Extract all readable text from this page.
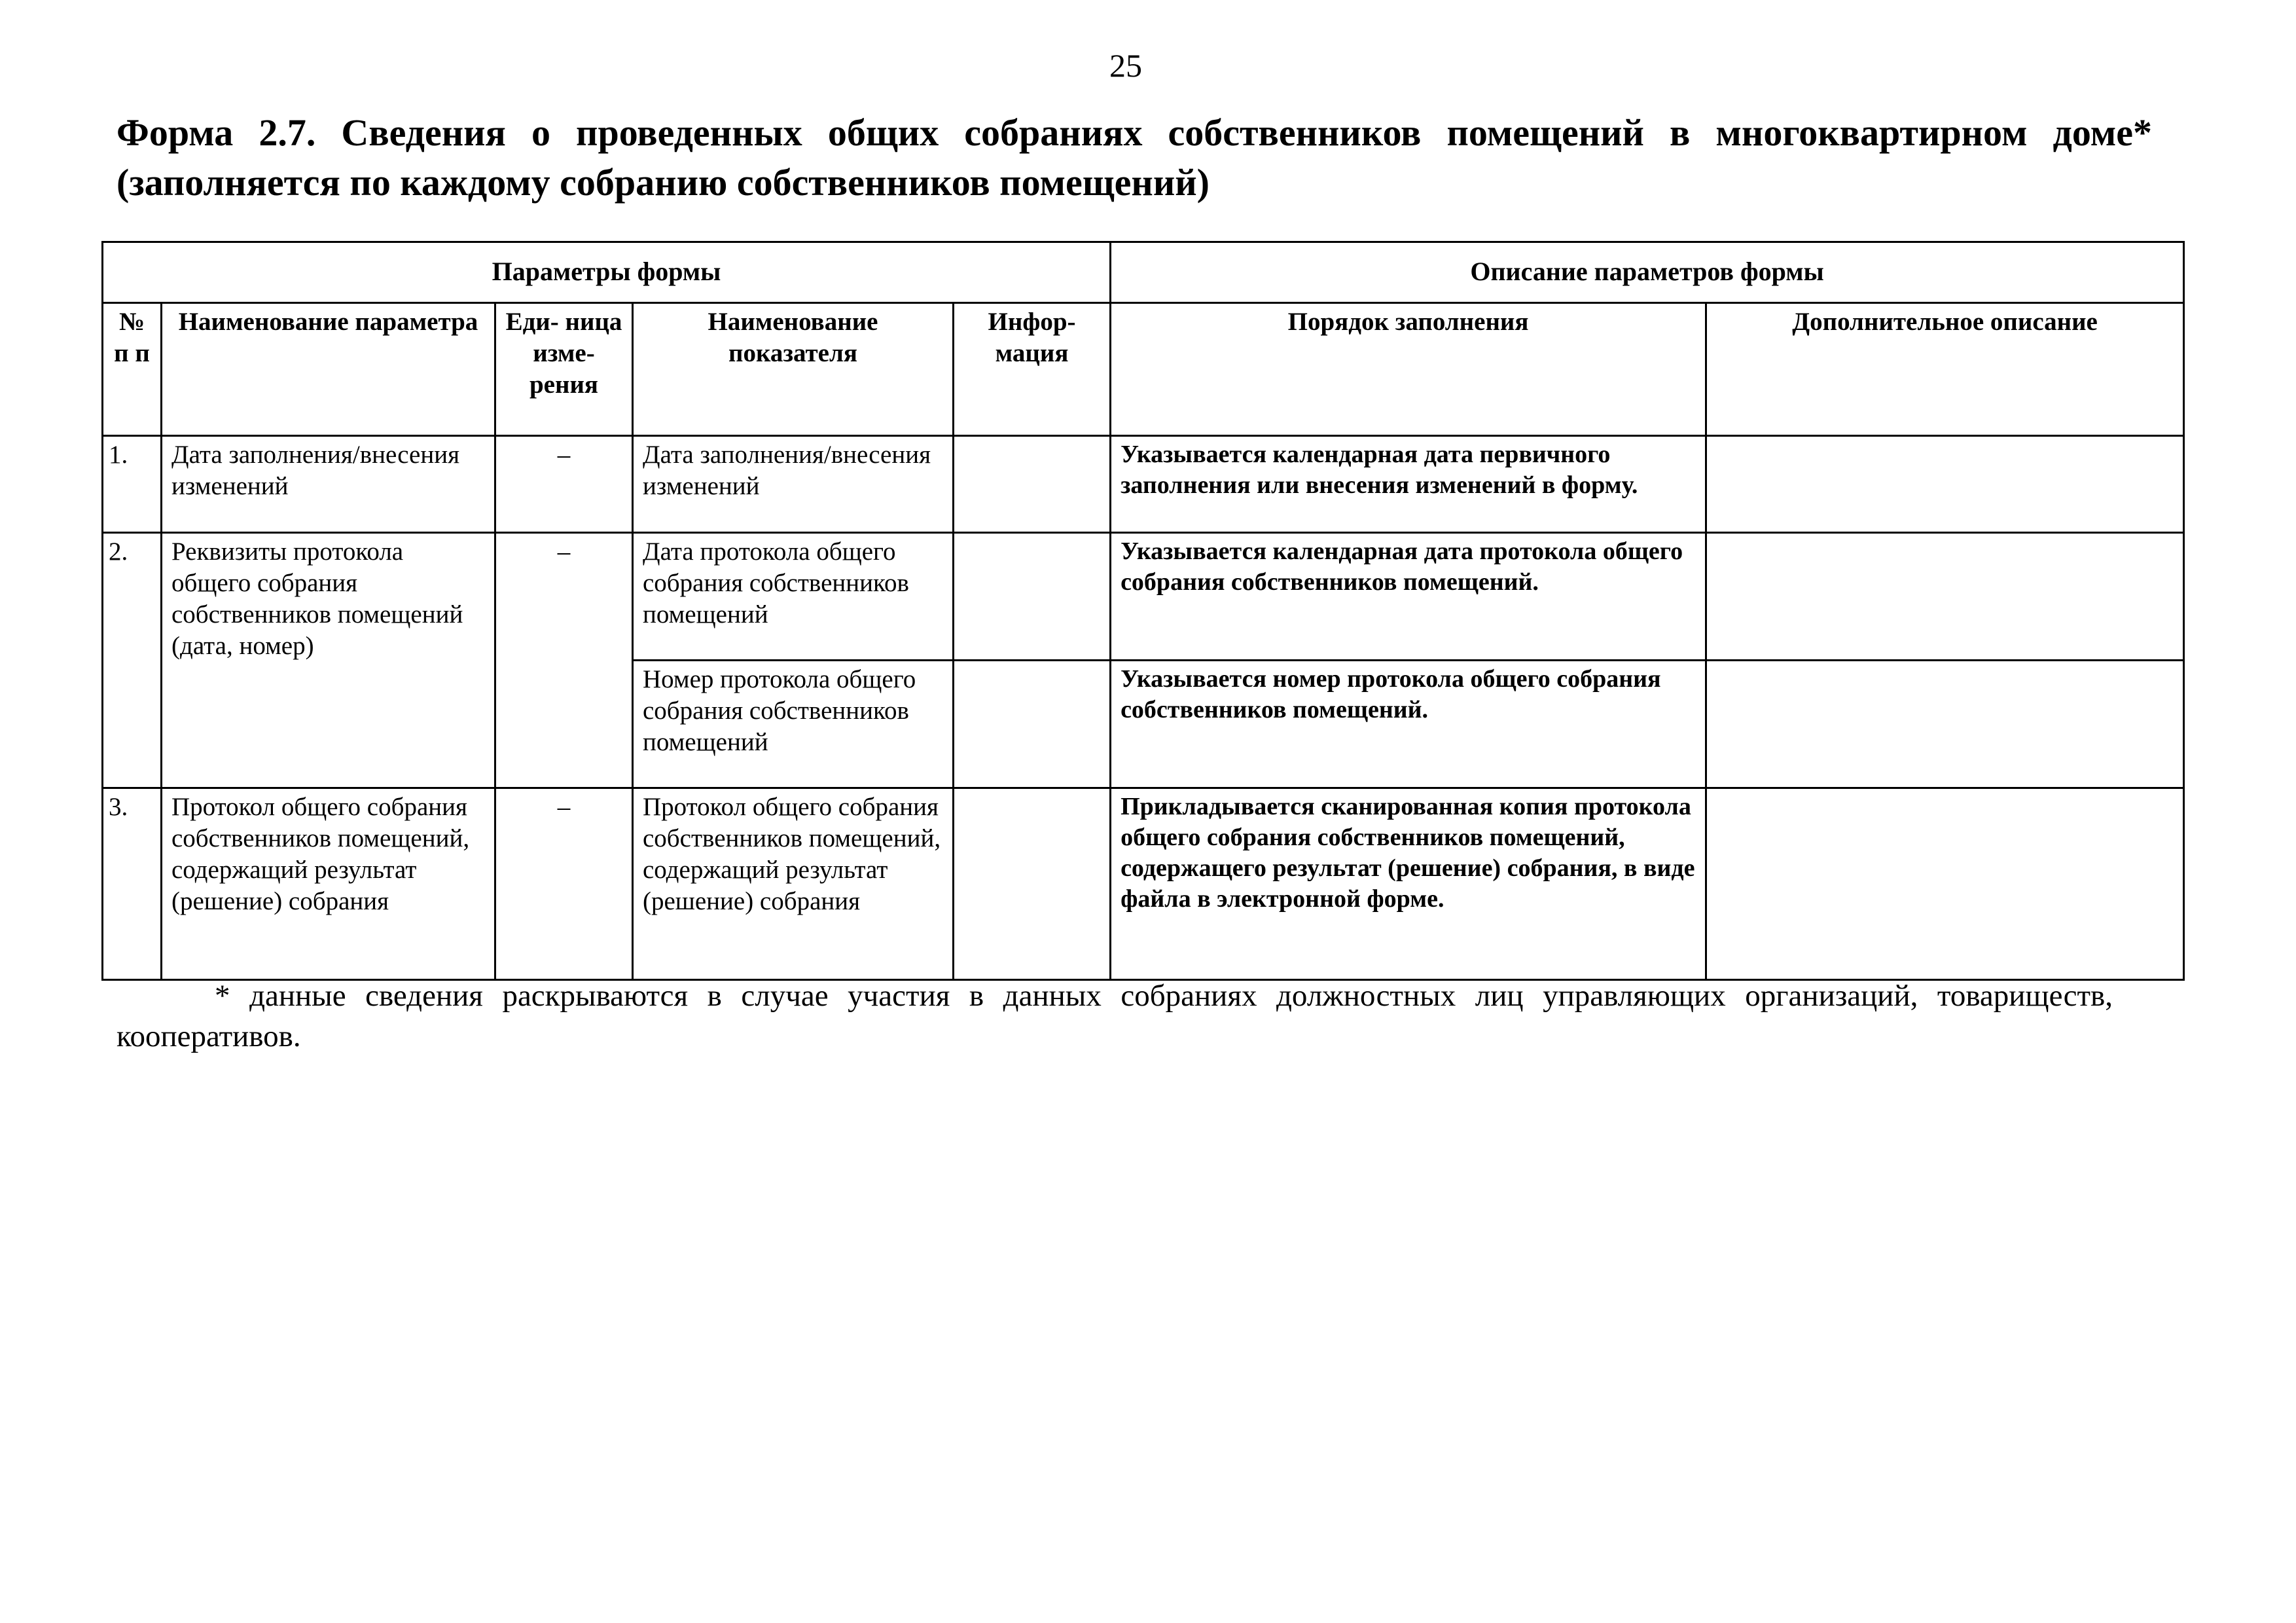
25
Форма 2.7. Сведения о проведенных общих собраниях собственников помещений в многоквартирном доме* (заполняется по каждому собранию собственников помещений)
Параметры формы					Описание параметров формы	
№ п п	Наименование параметра	Еди- ница изме- рения	Наименование показателя	Инфор- мация	Порядок заполнения	Дополнительное описание
1.	Дата заполнения/внесения изменений	–	Дата заполнения/внесения изменений		Указывается календарная дата первичного заполнения или внесения изменений в форму.	
2.	Реквизиты протокола общего собрания собственников помещений (дата, номер)	–	Дата протокола общего собрания собственников помещений		Указывается календарная дата протокола общего собрания собственников помещений.	
			Номер протокола общего собрания собственников помещений		Указывается номер протокола общего собрания собственников помещений.	
3.	Протокол общего собрания собственников помещений, содержащий результат (решение) собрания	–	Протокол общего собрания собственников помещений, содержащий результат (решение) собрания		Прикладывается сканированная копия протокола общего собрания собственников помещений, содержащего результат (решение) собрания, в виде файла в электронной форме.	
* данные сведения раскрываются в случае участия в данных собраниях должностных лиц управляющих организаций, товариществ, кооперативов.
